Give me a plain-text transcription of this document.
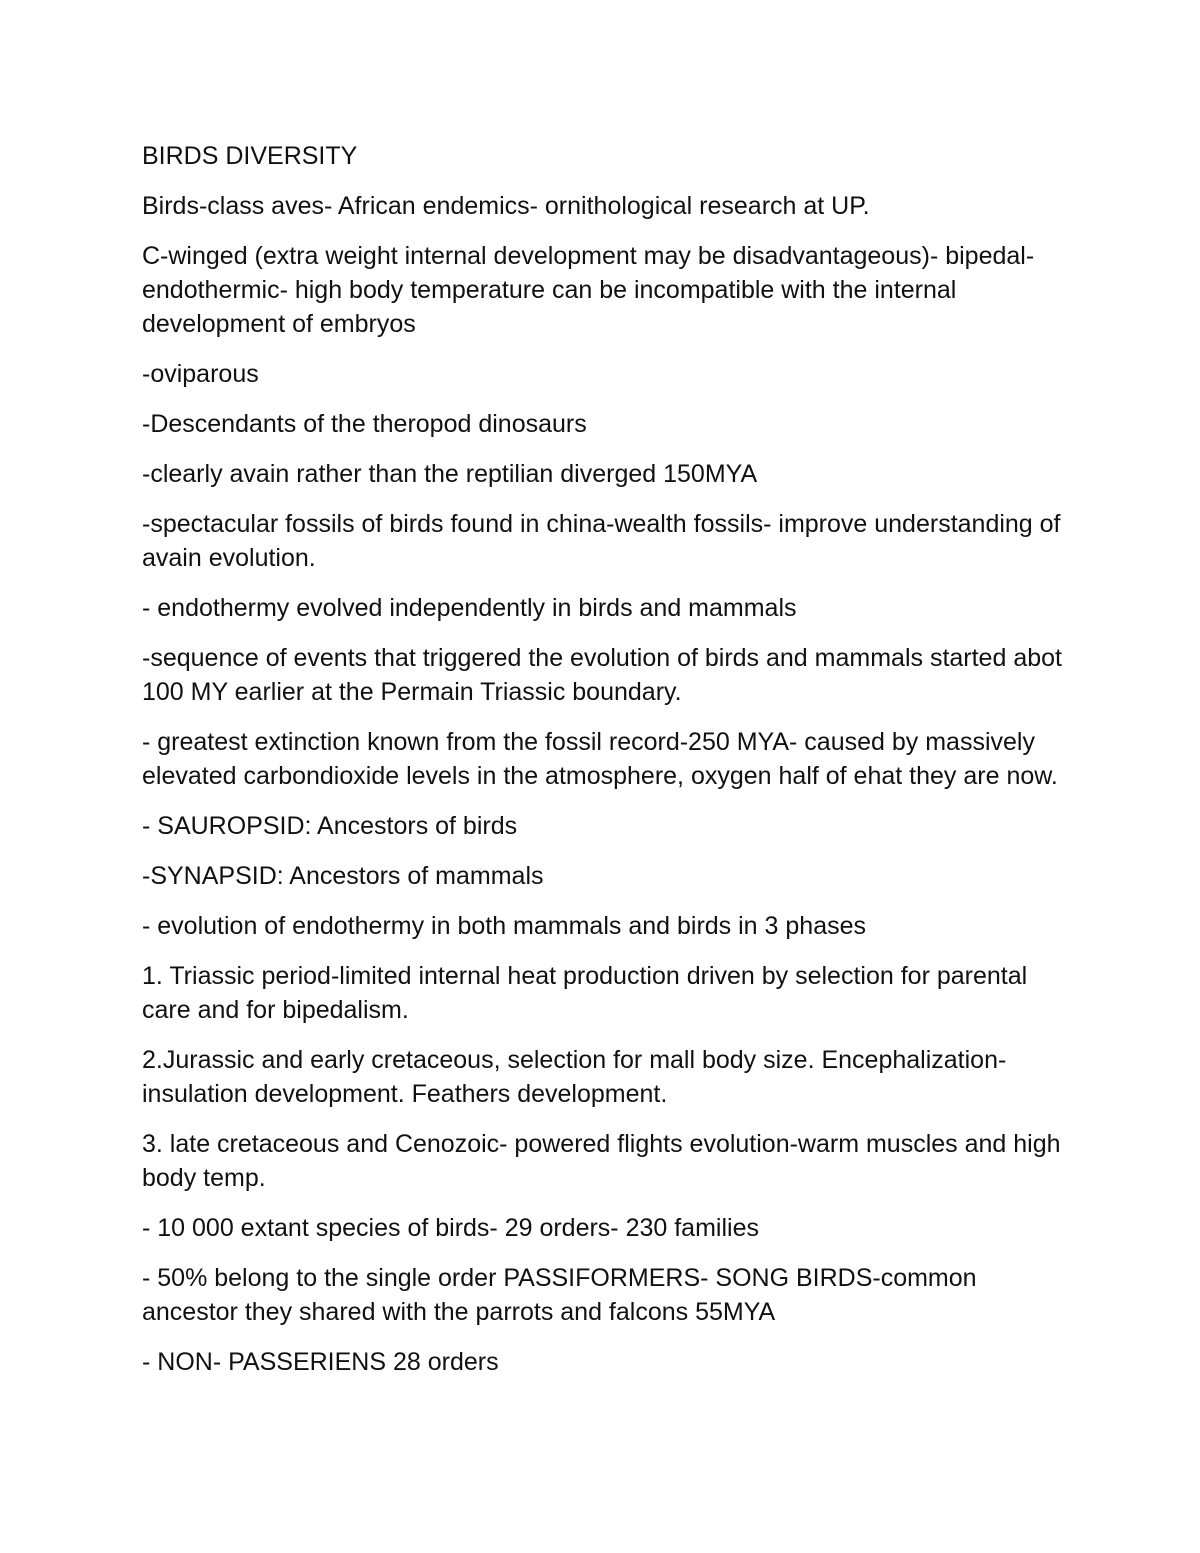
BIRDS DIVERSITY

Birds-class aves- African endemics- ornithological research at UP.

C-winged (extra weight internal development may be disadvantageous)- bipedal- endothermic- high body temperature can be incompatible with the internal development of embryos

-oviparous

-Descendants of the theropod dinosaurs

-clearly avain rather than the reptilian diverged 150MYA

-spectacular fossils of birds found in china-wealth fossils- improve understanding of avain evolution.

- endothermy evolved independently in birds and mammals

-sequence of events that triggered the evolution of birds and mammals started abot 100 MY earlier at the Permain Triassic boundary.

- greatest extinction known from the fossil record-250 MYA- caused by massively elevated carbondioxide levels in the atmosphere, oxygen half of ehat they are now.

- SAUROPSID: Ancestors of birds

-SYNAPSID: Ancestors of mammals

- evolution of endothermy in both mammals and birds in 3 phases

1. Triassic period-limited internal heat production driven by selection for parental care and for bipedalism.

2.Jurassic and early cretaceous, selection for mall body size. Encephalization-insulation development. Feathers development.

3. late cretaceous and Cenozoic- powered flights evolution-warm muscles and high body temp.

- 10 000 extant species of birds- 29 orders- 230 families

- 50% belong to the single order PASSIFORMERS- SONG BIRDS-common ancestor they shared with the parrots and falcons 55MYA

- NON- PASSERIENS 28 orders
